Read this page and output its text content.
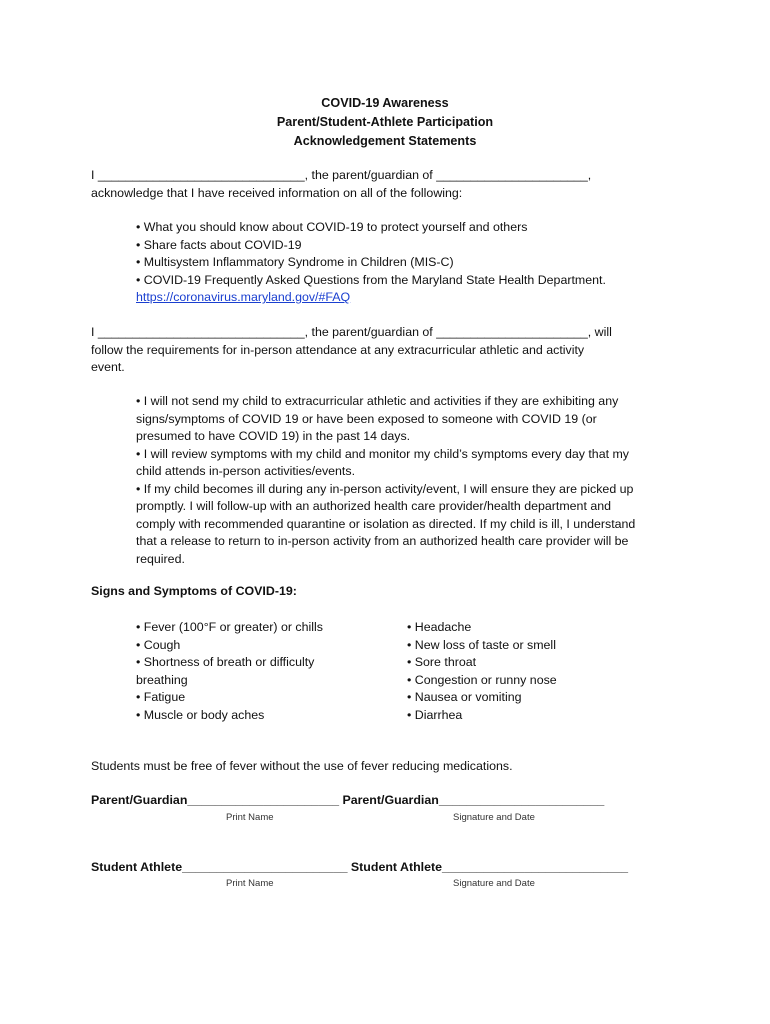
COVID-19 Awareness
Parent/Student-Athlete Participation
Acknowledgement Statements
I ______________________________, the parent/guardian of ______________________,
acknowledge that I have received information on all of the following:
• What you should know about COVID-19 to protect yourself and others
• Share facts about COVID-19
• Multisystem Inflammatory Syndrome in Children (MIS-C)
• COVID-19 Frequently Asked Questions from the Maryland State Health Department.
https://coronavirus.maryland.gov/#FAQ
I ______________________________, the parent/guardian of ______________________, will
follow the requirements for in-person attendance at any extracurricular athletic and activity
event.
• I will not send my child to extracurricular athletic and activities if they are exhibiting any signs/symptoms of COVID 19 or have been exposed to someone with COVID 19 (or presumed to have COVID 19) in the past 14 days.
• I will review symptoms with my child and monitor my child’s symptoms every day that my child attends in-person activities/events.
• If my child becomes ill during any in-person activity/event, I will ensure they are picked up promptly. I will follow-up with an authorized health care provider/health department and comply with recommended quarantine or isolation as directed. If my child is ill, I understand that a release to return to in-person activity from an authorized health care provider will be required.
Signs and Symptoms of COVID-19:
• Fever (100°F or greater) or chills
• Cough
• Shortness of breath or difficulty breathing
• Fatigue
• Muscle or body aches
• Headache
• New loss of taste or smell
• Sore throat
• Congestion or runny nose
• Nausea or vomiting
• Diarrhea
Students must be free of fever without the use of fever reducing medications.
Parent/Guardian______________________ Parent/Guardian________________________
Print Name	Signature and Date
Student Athlete________________________ Student Athlete___________________________
Print Name	Signature and Date
